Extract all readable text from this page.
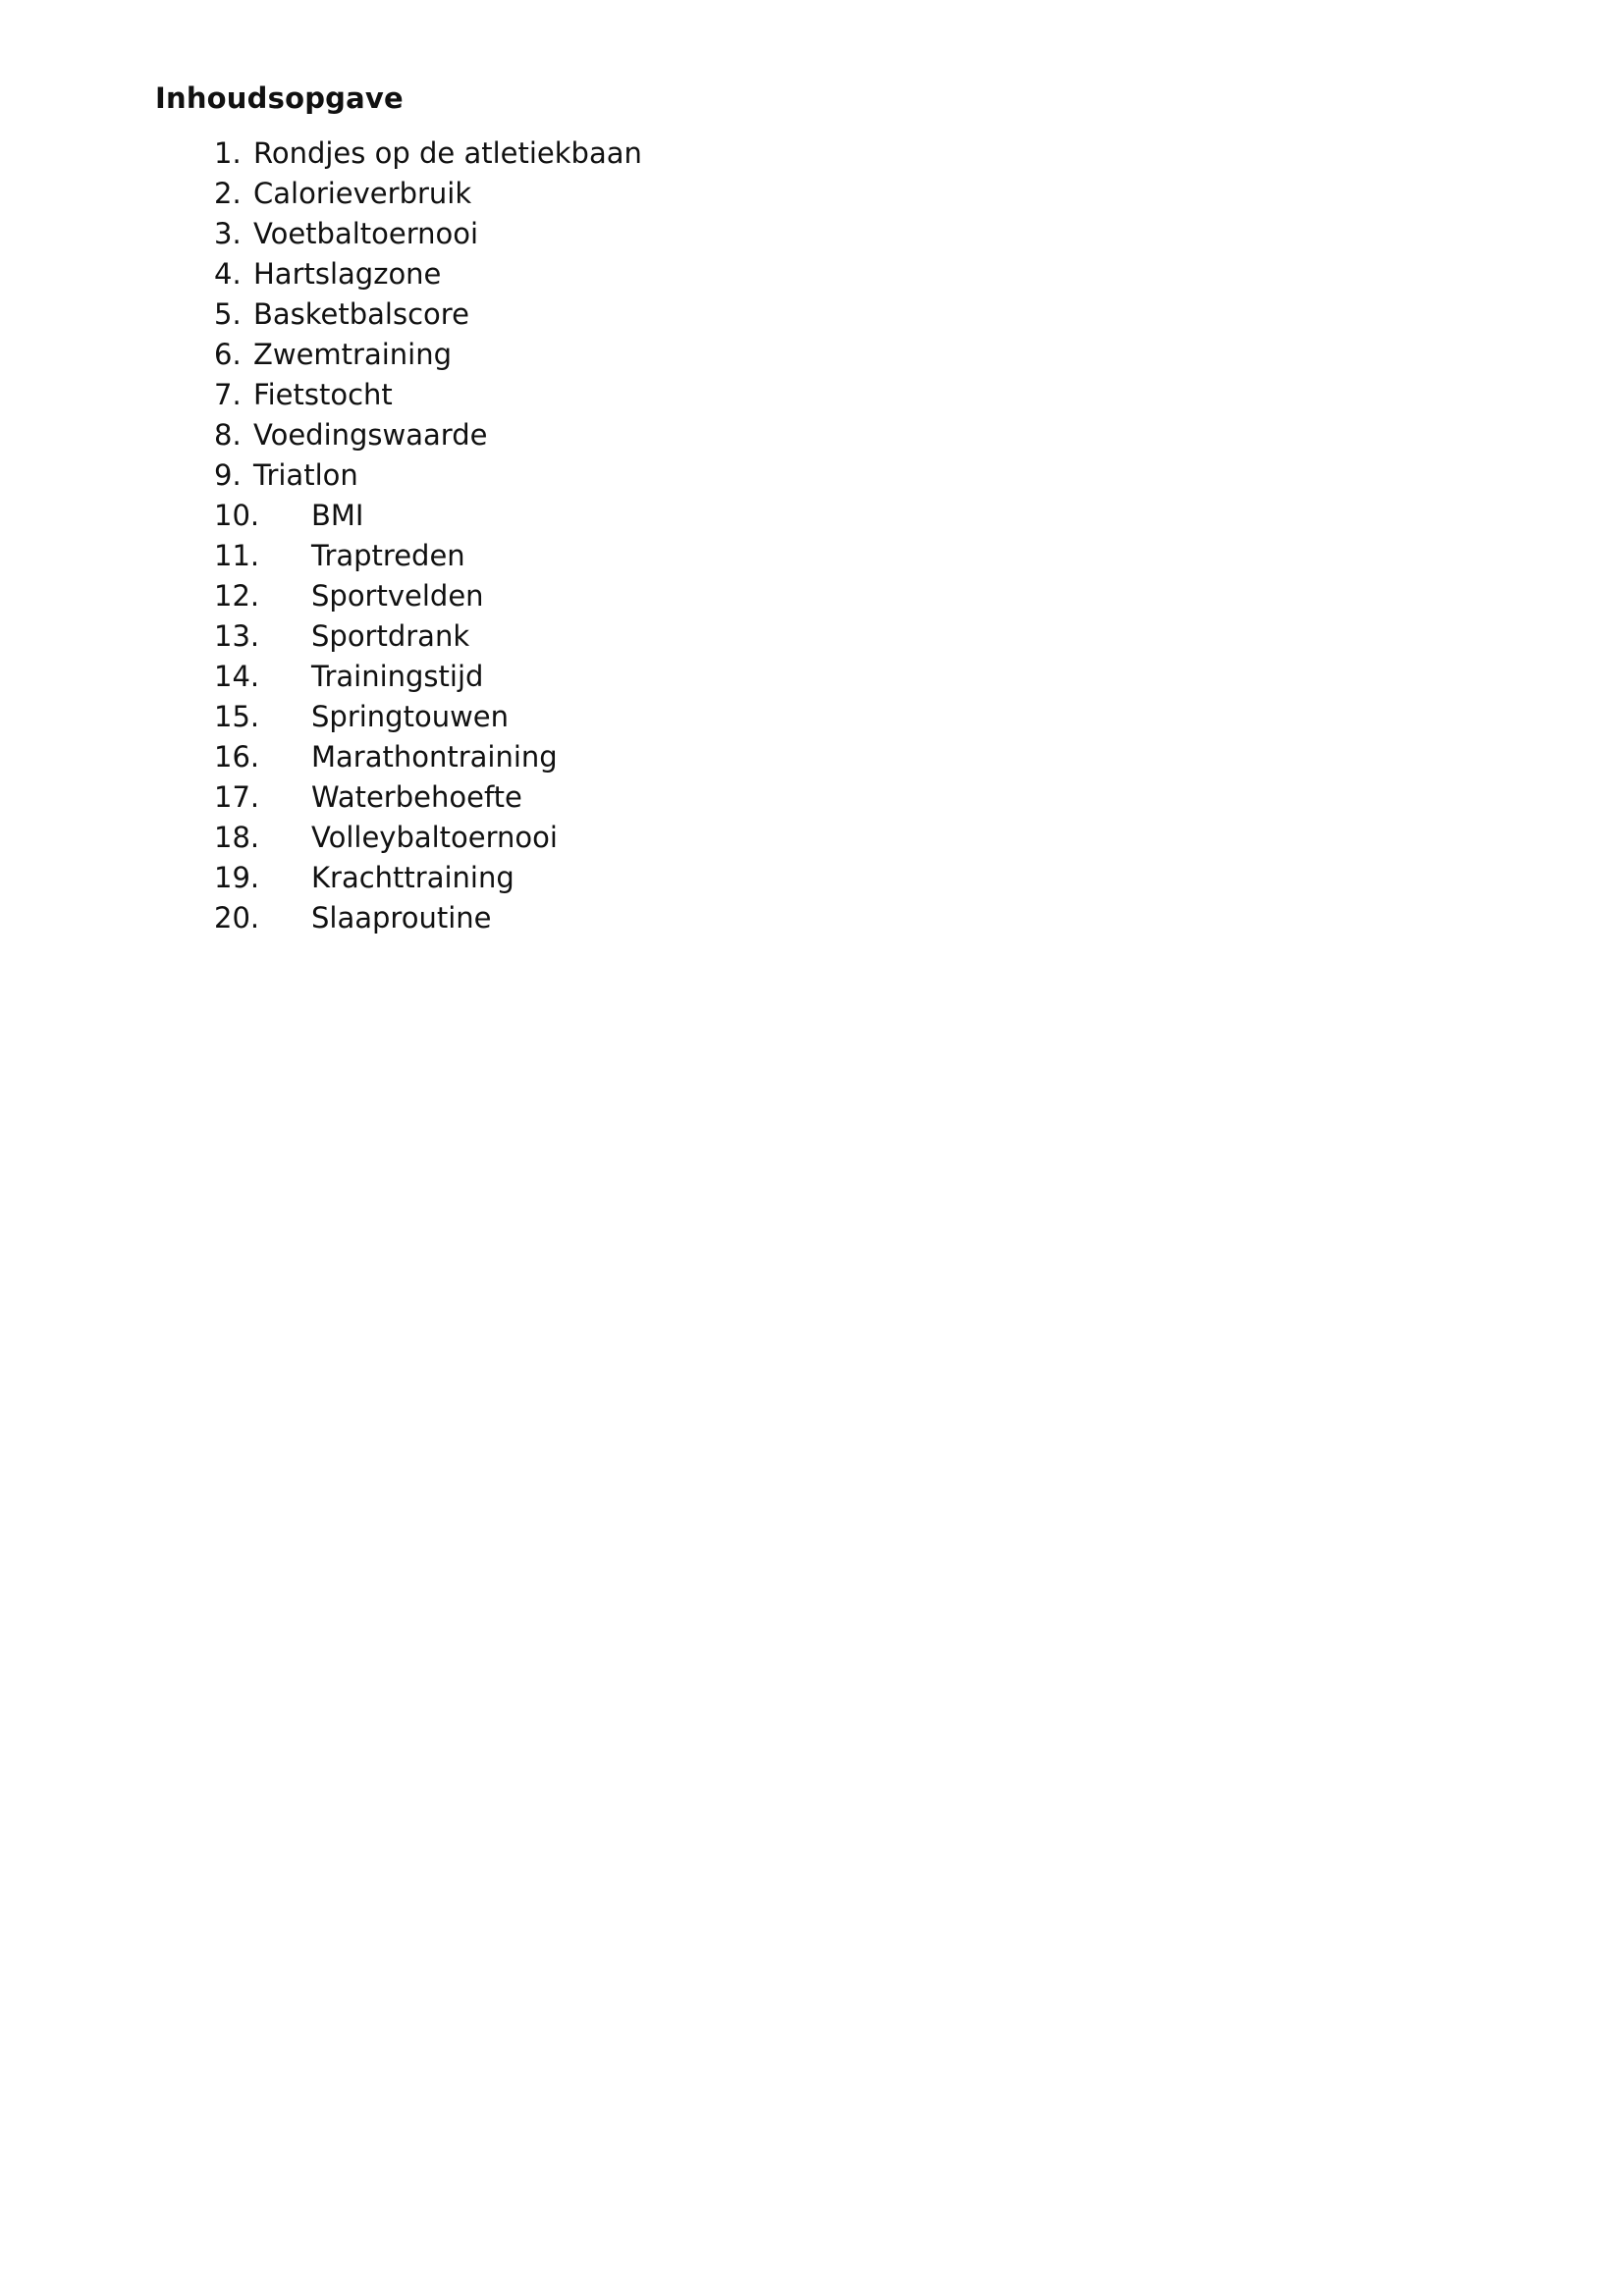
Inhoudsopgave
1. Rondjes op de atletiekbaan
2. Calorieverbruik
3. Voetbaltoernooi
4. Hartslagzone
5. Basketbalscore
6. Zwemtraining
7. Fietstocht
8. Voedingswaarde
9. Triatlon
10. BMI
11. Traptreden
12. Sportvelden
13. Sportdrank
14. Trainingstijd
15. Springtouwen
16. Marathontraining
17. Waterbehoefte
18. Volleybaltoernooi
19. Krachttraining
20. Slaaproutine
